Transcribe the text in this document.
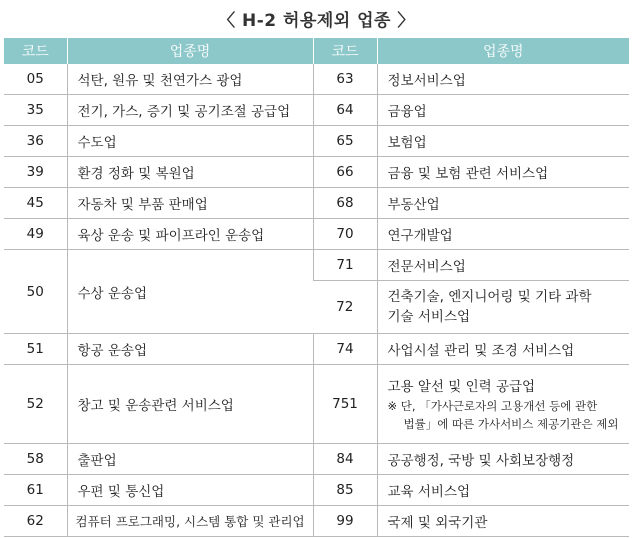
〈 H-2 허용제외 업종 〉
코드	업종명	코드	업종명
05	석탄, 원유 및 천연가스 광업	63	정보서비스업
35	전기, 가스, 증기 및 공기조절 공급업	64	금융업
36	수도업	65	보험업
39	환경 정화 및 복원업	66	금융 및 보험 관련 서비스업
45	자동차 및 부품 판매업	68	부동산업
49	육상 운송 및 파이프라인 운송업	70	연구개발업
50	수상 운송업	71	전문서비스업
		72	건축기술, 엔지니어링 및 기타 과학
기술 서비스업
51	항공 운송업	74	사업시설 관리 및 조경 서비스업
52	창고 및 운송관련 서비스업	751	고용 알선 및 인력 공급업
※ 단, 「가사근로자의 고용개선 등에 관한
법률」에 따른 가사서비스 제공기관은 제외

58	출판업	84	공공행정, 국방 및 사회보장행정
61	우편 및 통신업	85	교육 서비스업
62	컴퓨터 프로그래밍, 시스템 통합 및 관리업	99	국제 및 외국기관
